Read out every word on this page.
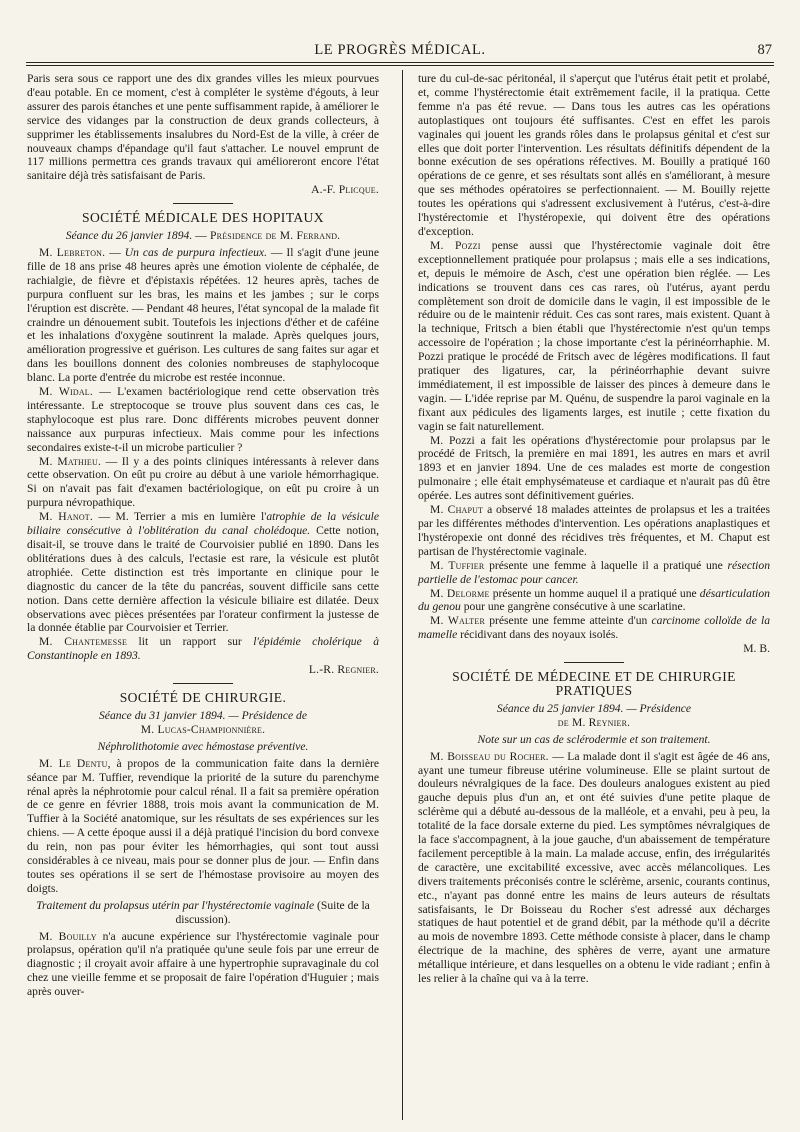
LE PROGRÈS MÉDICAL.	87

Paris sera sous ce rapport une des dix grandes villes les mieux pourvues d'eau potable. En ce moment, c'est à compléter le système d'égouts, à leur assurer des parois étanches et une pente suffisamment rapide, à améliorer le service des vidanges par la construction de deux grands collecteurs, à supprimer les établissements insalubres du Nord-Est de la ville, à créer de nouveaux champs d'épandage qu'il faut s'attacher. Le nouvel emprunt de 117 millions permettra ces grands travaux qui amélioreront encore l'état sanitaire déjà très satisfaisant de Paris.

A.-F. Plicque.

SOCIÉTÉ MÉDICALE DES HOPITAUX

Séance du 26 janvier 1894. — Présidence de M. Ferrand.

M. Lebreton. — Un cas de purpura infectieux. — Il s'agit d'une jeune fille de 18 ans prise 48 heures après une émotion violente de céphalée, de rachialgie, de fièvre et d'épistaxis répétées. 12 heures après, taches de purpura confluent sur les bras, les mains et les jambes ; sur le corps l'éruption est discrète. — Pendant 48 heures, l'état syncopal de la malade fit craindre un dénouement subit. Toutefois les injections d'éther et de caféine et les inhalations d'oxygène soutinrent la malade. Après quelques jours, amélioration progressive et guérison. Les cultures de sang faites sur agar et dans les bouillons donnent des colonies nombreuses de staphylocoque blanc. La porte d'entrée du microbe est restée inconnue.

M. Widal. — L'examen bactériologique rend cette observation très intéressante. Le streptocoque se trouve plus souvent dans ces cas, le staphylocoque est plus rare. Donc différents microbes peuvent donner naissance aux purpuras infectieux. Mais comme pour les infections secondaires existe-t-il un microbe particulier ?

M. Mathieu. — Il y a des points cliniques intéressants à relever dans cette observation. On eût pu croire au début à une variole hémorrhagique. Si on n'avait pas fait d'examen bactériologique, on eût pu croire à un purpura névropathique.

M. Hanot. — M. Terrier a mis en lumière l'atrophie de la vésicule biliaire consécutive à l'oblitération du canal cholédoque. Cette notion, disait-il, se trouve dans le traité de Courvoisier publié en 1890. Dans les oblitérations dues à des calculs, l'ectasie est rare, la vésicule est plutôt atrophiée. Cette distinction est très importante en clinique pour le diagnostic du cancer de la tête du pancréas, souvent difficile sans cette notion. Dans cette dernière affection la vésicule biliaire est dilatée. Deux observations avec pièces présentées par l'orateur confirment la justesse de la donnée établie par Courvoisier et Terrier.

M. Chantemesse lit un rapport sur l'épidémie cholérique à Constantinople en 1893.

L.-R. Regnier.

SOCIÉTÉ DE CHIRURGIE.

Séance du 31 janvier 1894. — Présidence de
M. Lucas-Championnière.

Néphrolithotomie avec hémostase préventive.

M. Le Dentu, à propos de la communication faite dans la dernière séance par M. Tuffier, revendique la priorité de la suture du parenchyme rénal après la néphrotomie pour calcul rénal. Il a fait sa première opération de ce genre en février 1888, trois mois avant la communication de M. Tuffier à la Société anatomique, sur les résultats de ses expériences sur les chiens. — A cette époque aussi il a déjà pratiqué l'incision du bord convexe du rein, non pas pour éviter les hémorrhagies, qui sont tout aussi considérables à ce niveau, mais pour se donner plus de jour. — Enfin dans toutes ses opérations il se sert de l'hémostase provisoire au moyen des doigts.

Traitement du prolapsus utérin par l'hystérectomie vaginale (Suite de la discussion).

M. Bouilly n'a aucune expérience sur l'hystérectomie vaginale pour prolapsus, opération qu'il n'a pratiquée qu'une seule fois par une erreur de diagnostic ; il croyait avoir affaire à une hypertrophie supravaginale du col chez une vieille femme et se proposait de faire l'opération d'Huguier ; mais après ouver-

ture du cul-de-sac péritonéal, il s'aperçut que l'utérus était petit et prolabé, et, comme l'hystérectomie était extrêmement facile, il la pratiqua. Cette femme n'a pas été revue. — Dans tous les autres cas les opérations autoplastiques ont toujours été suffisantes. C'est en effet les parois vaginales qui jouent les grands rôles dans le prolapsus génital et c'est sur elles que doit porter l'intervention. Les résultats définitifs dépendent de la bonne exécution de ses opérations réfectives. M. Bouilly a pratiqué 160 opérations de ce genre, et ses résultats sont allés en s'améliorant, à mesure que ses méthodes opératoires se perfectionnaient. — M. Bouilly rejette toutes les opérations qui s'adressent exclusivement à l'utérus, c'est-à-dire l'hystérectomie et l'hystéropexie, qui doivent être des opérations d'exception.

M. Pozzi pense aussi que l'hystérectomie vaginale doit être exceptionnellement pratiquée pour prolapsus ; mais elle a ses indications, et, depuis le mémoire de Asch, c'est une opération bien réglée. — Les indications se trouvent dans ces cas rares, où l'utérus, ayant perdu complètement son droit de domicile dans le vagin, il est impossible de le réduire ou de le maintenir réduit. Ces cas sont rares, mais existent. Quant à la technique, Fritsch a bien établi que l'hystérectomie n'est qu'un temps accessoire de l'opération ; la chose importante c'est la périnéorrhaphie. M. Pozzi pratique le procédé de Fritsch avec de légères modifications. Il faut pratiquer des ligatures, car, la périnéorrhaphie devant suivre immédiatement, il est impossible de laisser des pinces à demeure dans le vagin. — L'idée reprise par M. Quénu, de suspendre la paroi vaginale en la fixant aux pédicules des ligaments larges, est inutile ; cette fixation du vagin se fait naturellement.

M. Pozzi a fait les opérations d'hystérectomie pour prolapsus par le procédé de Fritsch, la première en mai 1891, les autres en mars et avril 1893 et en janvier 1894. Une de ces malades est morte de congestion pulmonaire ; elle était emphysémateuse et cardiaque et n'aurait pas dû être opérée. Les autres sont définitivement guéries.

M. Chaput a observé 18 malades atteintes de prolapsus et les a traitées par les différentes méthodes d'intervention. Les opérations anaplastiques et l'hystéropexie ont donné des récidives très fréquentes, et M. Chaput est partisan de l'hystérectomie vaginale.

M. Tuffier présente une femme à laquelle il a pratiqué une résection partielle de l'estomac pour cancer.

M. Delorme présente un homme auquel il a pratiqué une désarticulation du genou pour une gangrène consécutive à une scarlatine.

M. Walter présente une femme atteinte d'un carcinome colloïde de la mamelle récidivant dans des noyaux isolés.

M. B.

SOCIÉTÉ DE MÉDECINE ET DE CHIRURGIE PRATIQUES

Séance du 25 janvier 1894. — Présidence
de M. Reynier.

Note sur un cas de sclérodermie et son traitement.

M. Boisseau du Rocher. — La malade dont il s'agit est âgée de 46 ans, ayant une tumeur fibreuse utérine volumineuse. Elle se plaint surtout de douleurs névralgiques de la face. Des douleurs analogues existent au pied gauche depuis plus d'un an, et ont été suivies d'une petite plaque de sclérème qui a débuté au-dessous de la malléole, et a envahi, peu à peu, la totalité de la face dorsale externe du pied. Les symptômes névralgiques de la face s'accompagnent, à la joue gauche, d'un abaissement de température facilement perceptible à la main. La malade accuse, enfin, des irrégularités de caractère, une excitabilité excessive, avec accès mélancoliques. Les divers traitements préconisés contre le sclérème, arsenic, courants continus, etc., n'ayant pas donné entre les mains de leurs auteurs de résultats satisfaisants, le Dr Boisseau du Rocher s'est adressé aux décharges statiques de haut potentiel et de grand débit, par la méthode qu'il a décrite au mois de novembre 1893. Cette méthode consiste à placer, dans le champ électrique de la machine, des sphères de verre, ayant une armature métallique intérieure, et dans lesquelles on a obtenu le vide radiant ; enfin à les relier à la chaîne qui va à la terre.
